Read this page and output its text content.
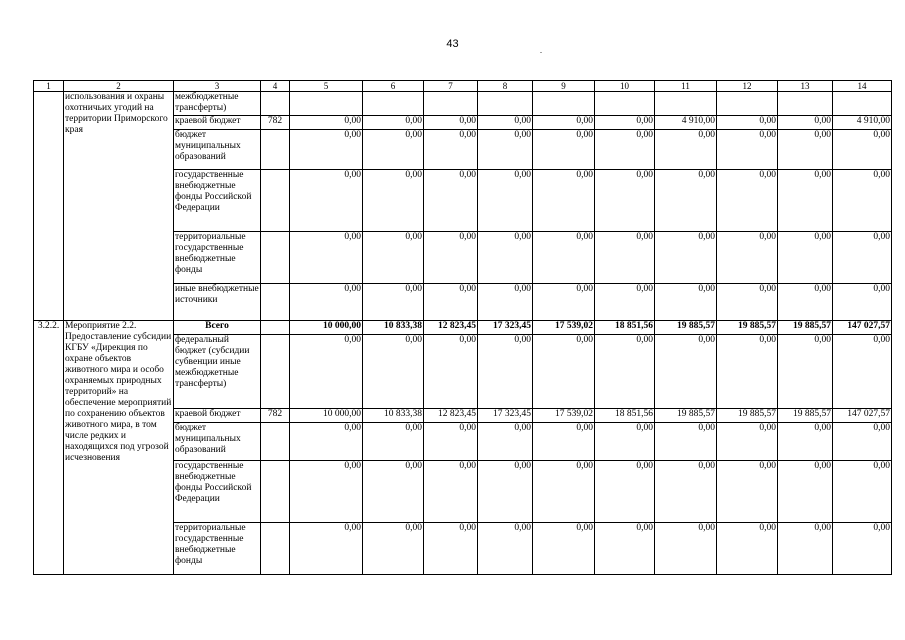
43
.
1	2	3	4	5	6	7	8	9	10	11	12	13	14
	использования и охраны охотничьих угодий на территории Приморского края	межбюджетные трансферты)											
		краевой бюджет	782	0,00	0,00	0,00	0,00	0,00	0,00	4 910,00	0,00	0,00	4 910,00
		бюджет муниципальных образований		0,00	0,00	0,00	0,00	0,00	0,00	0,00	0,00	0,00	0,00
		государственные внебюджетные фонды Российской Федерации		0,00	0,00	0,00	0,00	0,00	0,00	0,00	0,00	0,00	0,00
		территориальные государственные внебюджетные фонды		0,00	0,00	0,00	0,00	0,00	0,00	0,00	0,00	0,00	0,00
		иные внебюджетные источники		0,00	0,00	0,00	0,00	0,00	0,00	0,00	0,00	0,00	0,00
3.2.2.	Мероприятие 2.2. Предоставление субсидии КГБУ «Дирекция по охране объектов животного мира и особо охраняемых природных территорий» на обеспечение мероприятий по сохранению объектов животного мира, в том числе редких и находящихся под угрозой исчезновения	Всего		10 000,00	10 833,38	12 823,45	17 323,45	17 539,02	18 851,56	19 885,57	19 885,57	19 885,57	147 027,57
		федеральный бюджет (субсидии субвенции иные межбюджетные трансферты)		0,00	0,00	0,00	0,00	0,00	0,00	0,00	0,00	0,00	0,00
		краевой бюджет	782	10 000,00	10 833,38	12 823,45	17 323,45	17 539,02	18 851,56	19 885,57	19 885,57	19 885,57	147 027,57
		бюджет муниципальных образований		0,00	0,00	0,00	0,00	0,00	0,00	0,00	0,00	0,00	0,00
		государственные внебюджетные фонды Российской Федерации		0,00	0,00	0,00	0,00	0,00	0,00	0,00	0,00	0,00	0,00
		территориальные государственные внебюджетные фонды		0,00	0,00	0,00	0,00	0,00	0,00	0,00	0,00	0,00	0,00
